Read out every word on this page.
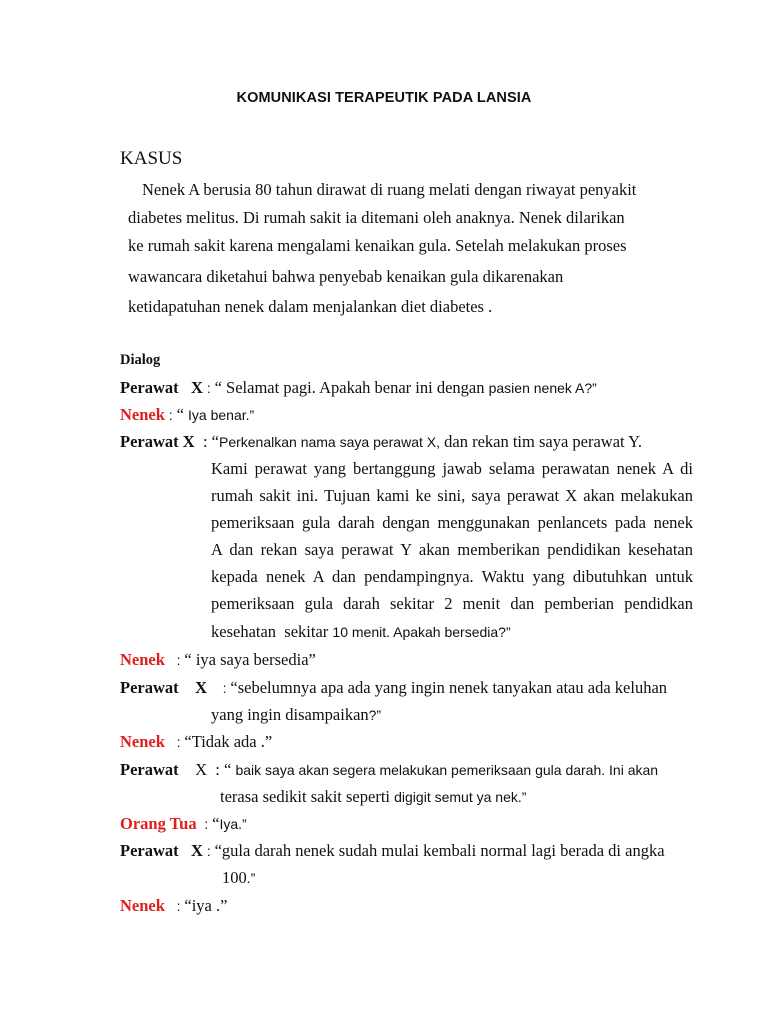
KOMUNIKASI TERAPEUTIK PADA LANSIA
KASUS
Nenek A berusia 80 tahun dirawat di ruang melati dengan riwayat penyakit
diabetes melitus. Di rumah sakit ia ditemani oleh anaknya. Nenek dilarikan
ke rumah sakit karena mengalami kenaikan gula. Setelah melakukan proses
wawancara diketahui bahwa penyebab kenaikan gula dikarenakan
ketidapatuhan nenek dalam menjalankan diet diabetes .
Dialog
Perawat   X : “ Selamat pagi. Apakah benar ini dengan pasien nenek A?”
Nenek : “ Iya benar.”
Perawat X  : “Perkenalkan nama saya perawat X, dan rekan tim saya perawat Y.
Kami perawat yang bertanggung jawab selama perawatan nenek A di
rumah sakit ini. Tujuan kami ke sini, saya perawat X akan melakukan
pemeriksaan gula darah dengan menggunakan penlancets pada nenek
A dan rekan saya perawat Y akan memberikan pendidikan kesehatan
kepada nenek A dan pendampingnya. Waktu yang dibutuhkan untuk
pemeriksaan gula darah sekitar 2 menit dan pemberian pendidkan
kesehatan  sekitar 10 menit. Apakah bersedia?”
Nenek   : “ iya saya bersedia”
Perawat    X    : “sebelumnya apa ada yang ingin nenek tanyakan atau ada keluhan
yang ingin disampaikan?”
Nenek   : “Tidak ada .”
Perawat    X  : “ baik saya akan segera melakukan pemeriksaan gula darah. Ini akan
terasa sedikit sakit seperti digigit semut ya nek.”
Orang Tua  : “Iya.”
Perawat   X : “gula darah nenek sudah mulai kembali normal lagi berada di angka
100.”
Nenek   : “iya .”
